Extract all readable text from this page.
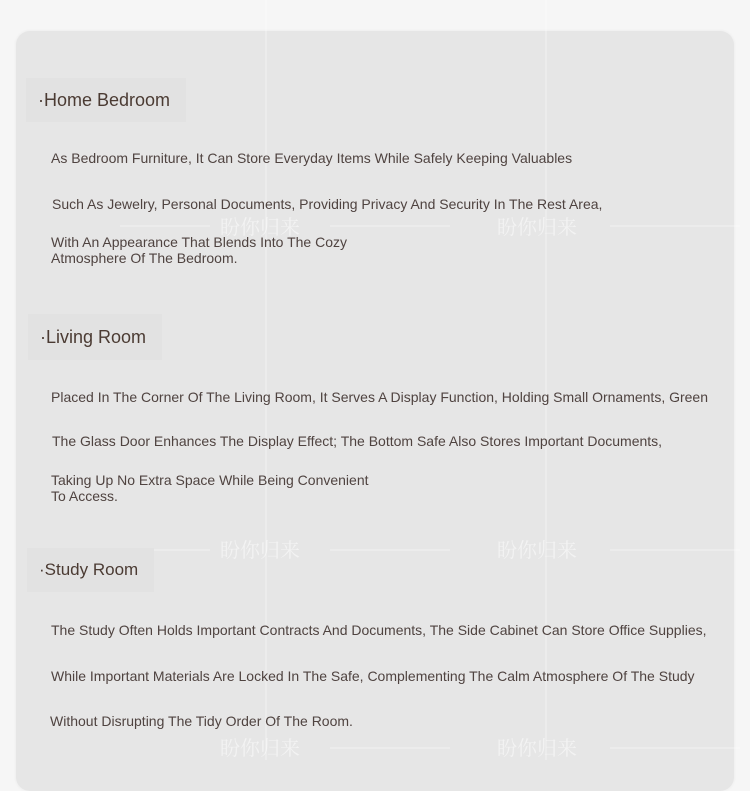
盼你归来	盼你归来
盼你归来	盼你归来
盼你归来	盼你归来
·Home Bedroom
As Bedroom Furniture, It Can Store Everyday Items While Safely Keeping Valuables
Such As Jewelry, Personal Documents, Providing Privacy And Security In The Rest Area,
With An Appearance That Blends Into The Cozy
Atmosphere Of The Bedroom.
·Living Room
Placed In The Corner Of The Living Room, It Serves A Display Function, Holding Small Ornaments, Green
The Glass Door Enhances The Display Effect; The Bottom Safe Also Stores Important Documents,
Taking Up No Extra Space While Being Convenient
To Access.
·Study Room
The Study Often Holds Important Contracts And Documents, The Side Cabinet Can Store Office Supplies,
While Important Materials Are Locked In The Safe, Complementing The Calm Atmosphere Of The Study
Without Disrupting The Tidy Order Of The Room.
